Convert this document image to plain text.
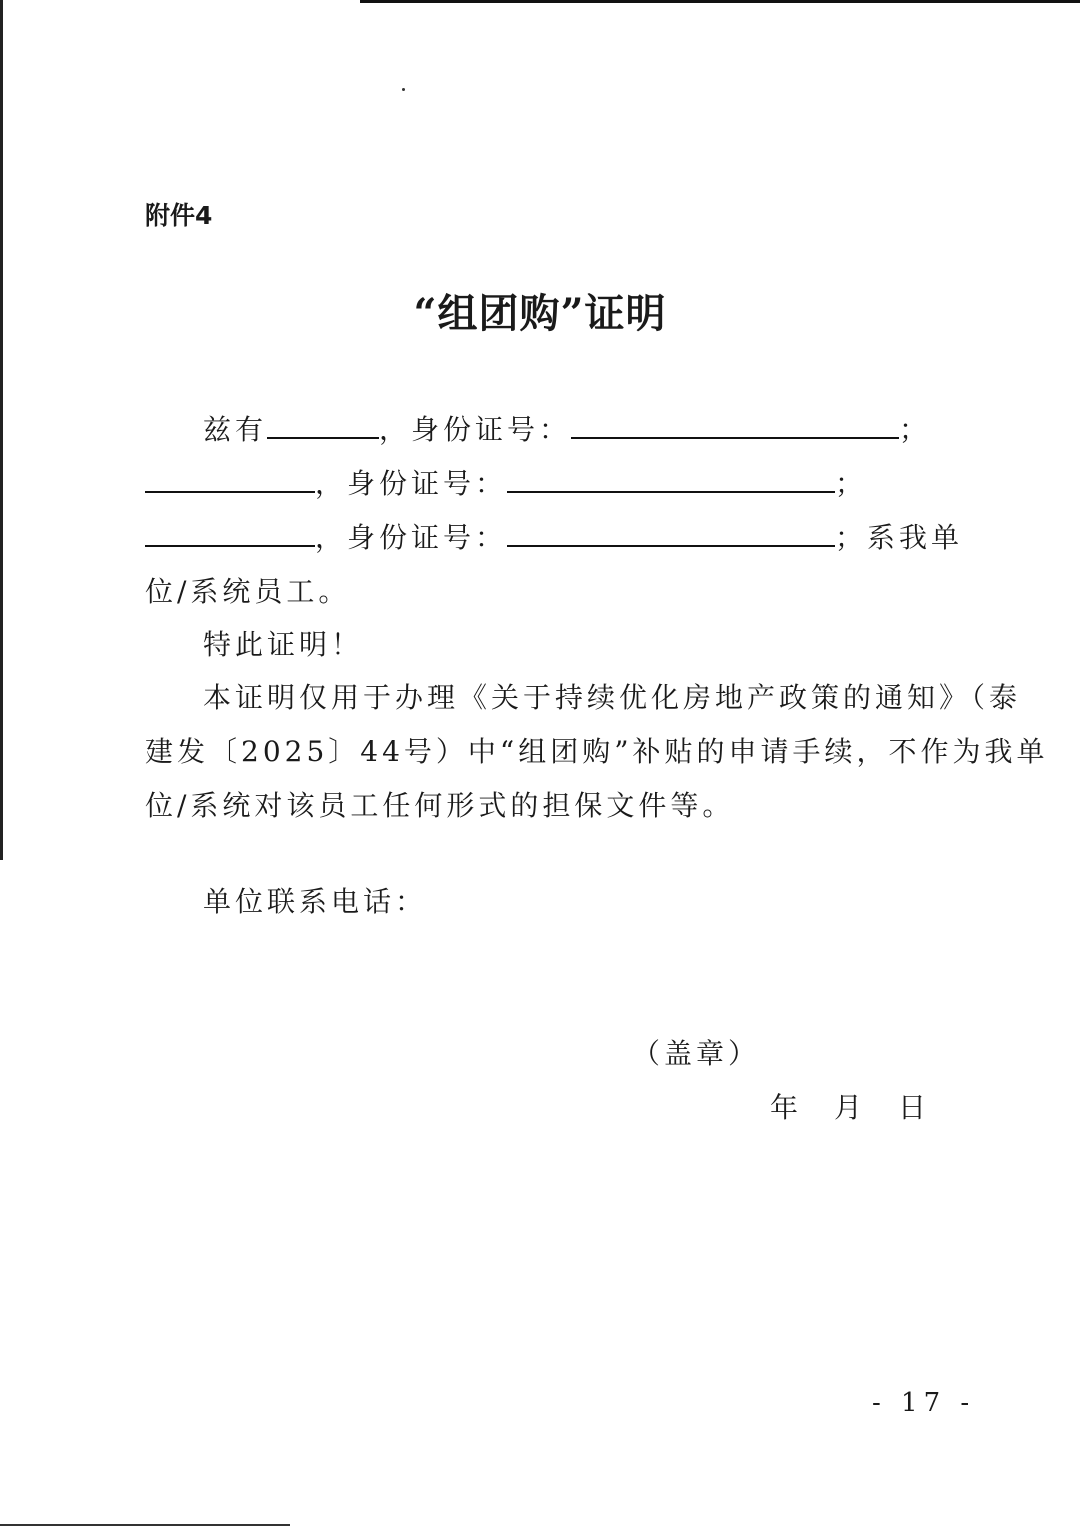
附件4
“组团购”证明
兹有	，身份证号：	；
，身份证号：	；
，身份证号：	；系我单
位/系统员工。
特此证明！
本证明仅用于办理《关于持续优化房地产政策的通知》（泰
建发〔2025〕44号）中“组团购”补贴的申请手续，不作为我单
位/系统对该员工任何形式的担保文件等。
单位联系电话：
（盖章）
年 月 日
- 17 -
